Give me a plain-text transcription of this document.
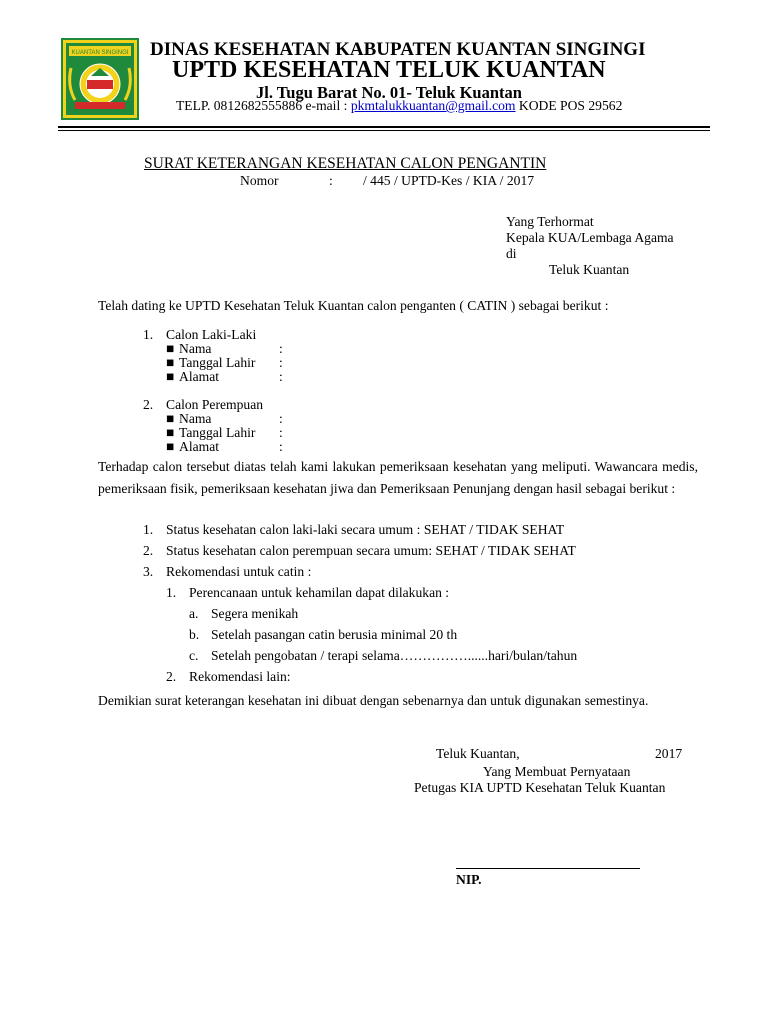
KUANTAN SINGINGI DINAS KESEHATAN KABUPATEN KUANTAN SINGINGI
UPTD KESEHATAN TELUK KUANTAN
Jl. Tugu Barat No. 01- Teluk Kuantan
TELP. 0812682555886 e-mail : pkmtalukkuantan@gmail.com KODE POS 29562
SURAT KETERANGAN KESEHATAN CALON PENGANTIN
Nomor	: / 445 / UPTD-Kes / KIA / 2017
Yang Terhormat
Kepala KUA/Lembaga Agama
di
Teluk Kuantan
Telah dating ke UPTD Kesehatan Teluk Kuantan calon penganten ( CATIN ) sebagai berikut :
1. Calon Laki-Laki
■ Nama	:
■ Tanggal Lahir :
■ Alamat	:
2. Calon Perempuan
■ Nama	:
■ Tanggal Lahir :
■ Alamat	:
Terhadap calon tersebut diatas telah kami lakukan pemeriksaan kesehatan yang meliputi. Wawancara medis, pemeriksaan fisik, pemeriksaan kesehatan jiwa dan Pemeriksaan Penunjang dengan hasil sebagai berikut :
1. Status kesehatan calon laki-laki secara umum : SEHAT / TIDAK SEHAT
2. Status kesehatan calon perempuan secara umum: SEHAT / TIDAK SEHAT
3. Rekomendasi untuk catin :
1. Perencanaan untuk kehamilan dapat dilakukan :
a. Segera menikah
b. Setelah pasangan catin berusia minimal 20 th
c. Setelah pengobatan / terapi selama……………......hari/bulan/tahun
2. Rekomendasi lain:
Demikian surat keterangan kesehatan ini dibuat dengan sebenarnya dan untuk digunakan semestinya.
Teluk Kuantan,	2017
Yang Membuat Pernyataan
Petugas KIA UPTD Kesehatan Teluk Kuantan
NIP.
